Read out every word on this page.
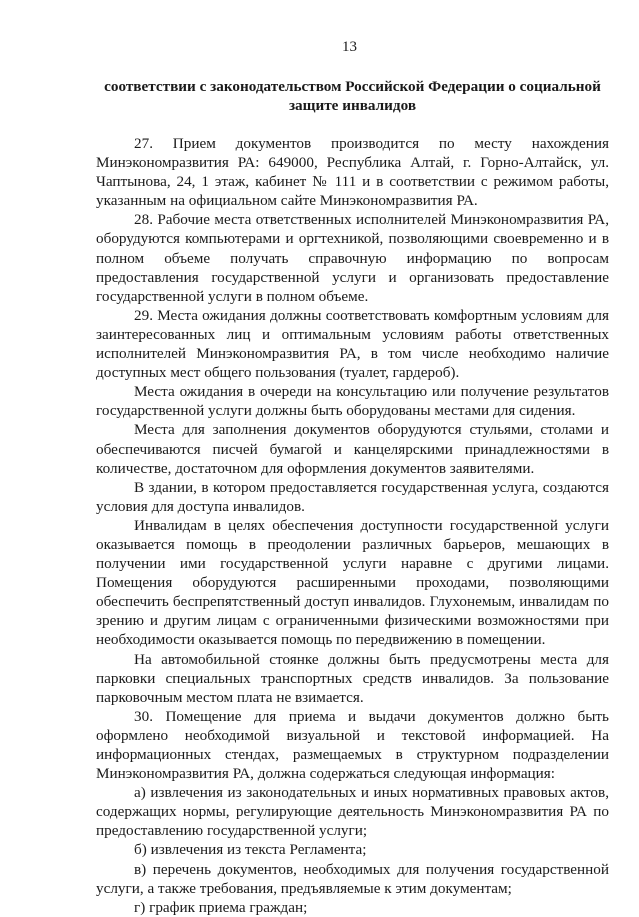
13
соответствии с законодательством Российской Федерации о социальной защите инвалидов

27. Прием документов производится по месту нахождения Минэкономразвития РА: 649000, Республика Алтай, г. Горно-Алтайск, ул. Чаптынова, 24, 1 этаж, кабинет № 111 и в соответствии с режимом работы, указанным на официальном сайте Минэкономразвития РА.

28. Рабочие места ответственных исполнителей Минэкономразвития РА, оборудуются компьютерами и оргтехникой, позволяющими своевременно и в полном объеме получать справочную информацию по вопросам предоставления государственной услуги и организовать предоставление государственной услуги в полном объеме.

29. Места ожидания должны соответствовать комфортным условиям для заинтересованных лиц и оптимальным условиям работы ответственных исполнителей Минэкономразвития РА, в том числе необходимо наличие доступных мест общего пользования (туалет, гардероб).

Места ожидания в очереди на консультацию или получение результатов государственной услуги должны быть оборудованы местами для сидения.

Места для заполнения документов оборудуются стульями, столами и обеспечиваются писчей бумагой и канцелярскими принадлежностями в количестве, достаточном для оформления документов заявителями.

В здании, в котором предоставляется государственная услуга, создаются условия для доступа инвалидов.

Инвалидам в целях обеспечения доступности государственной услуги оказывается помощь в преодолении различных барьеров, мешающих в получении ими государственной услуги наравне с другими лицами. Помещения оборудуются расширенными проходами, позволяющими обеспечить беспрепятственный доступ инвалидов. Глухонемым, инвалидам по зрению и другим лицам с ограниченными физическими возможностями при необходимости оказывается помощь по передвижению в помещении.

На автомобильной стоянке должны быть предусмотрены места для парковки специальных транспортных средств инвалидов. За пользование парковочным местом плата не взимается.

30. Помещение для приема и выдачи документов должно быть оформлено необходимой визуальной и текстовой информацией. На информационных стендах, размещаемых в структурном подразделении Минэкономразвития РА, должна содержаться следующая информация:

а) извлечения из законодательных и иных нормативных правовых актов, содержащих нормы, регулирующие деятельность Минэкономразвития РА по предоставлению государственной услуги;

б) извлечения из текста Регламента;

в) перечень документов, необходимых для получения государственной услуги, а также требования, предъявляемые к этим документам;

г) график приема граждан;
